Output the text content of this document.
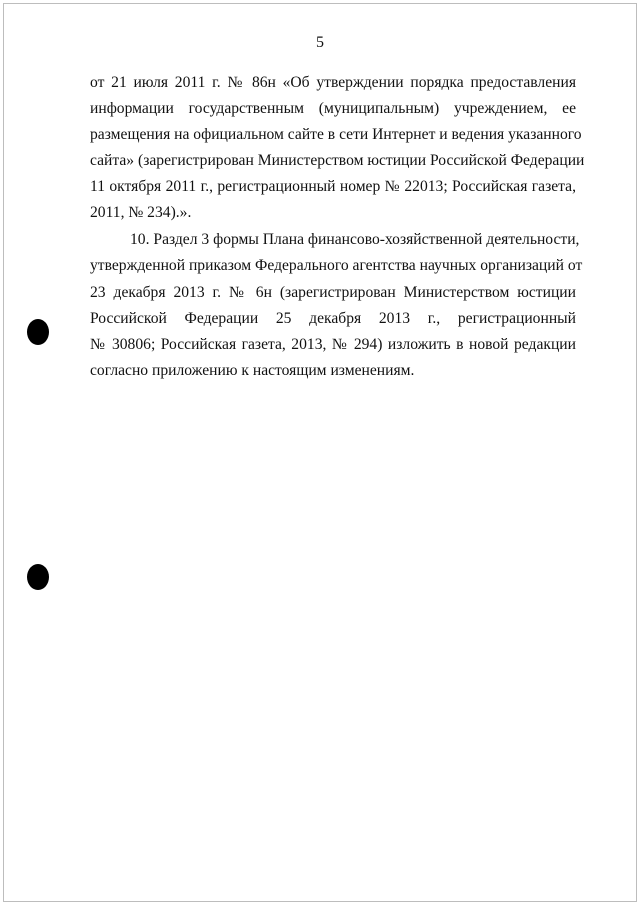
5
от 21 июля 2011 г. № 86н «Об утверждении порядка предоставления
информации государственным (муниципальным) учреждением, ее
размещения на официальном сайте в сети Интернет и ведения указанного
сайта» (зарегистрирован Министерством юстиции Российской Федерации
11 октября 2011 г., регистрационный номер № 22013; Российская газета,
2011, № 234).».
10. Раздел 3 формы Плана финансово-хозяйственной деятельности,
утвержденной приказом Федерального агентства научных организаций от
23 декабря 2013 г. № 6н (зарегистрирован Министерством юстиции
Российской Федерации 25 декабря 2013 г., регистрационный
№ 30806; Российская газета, 2013, № 294) изложить в новой редакции
согласно приложению к настоящим изменениям.
